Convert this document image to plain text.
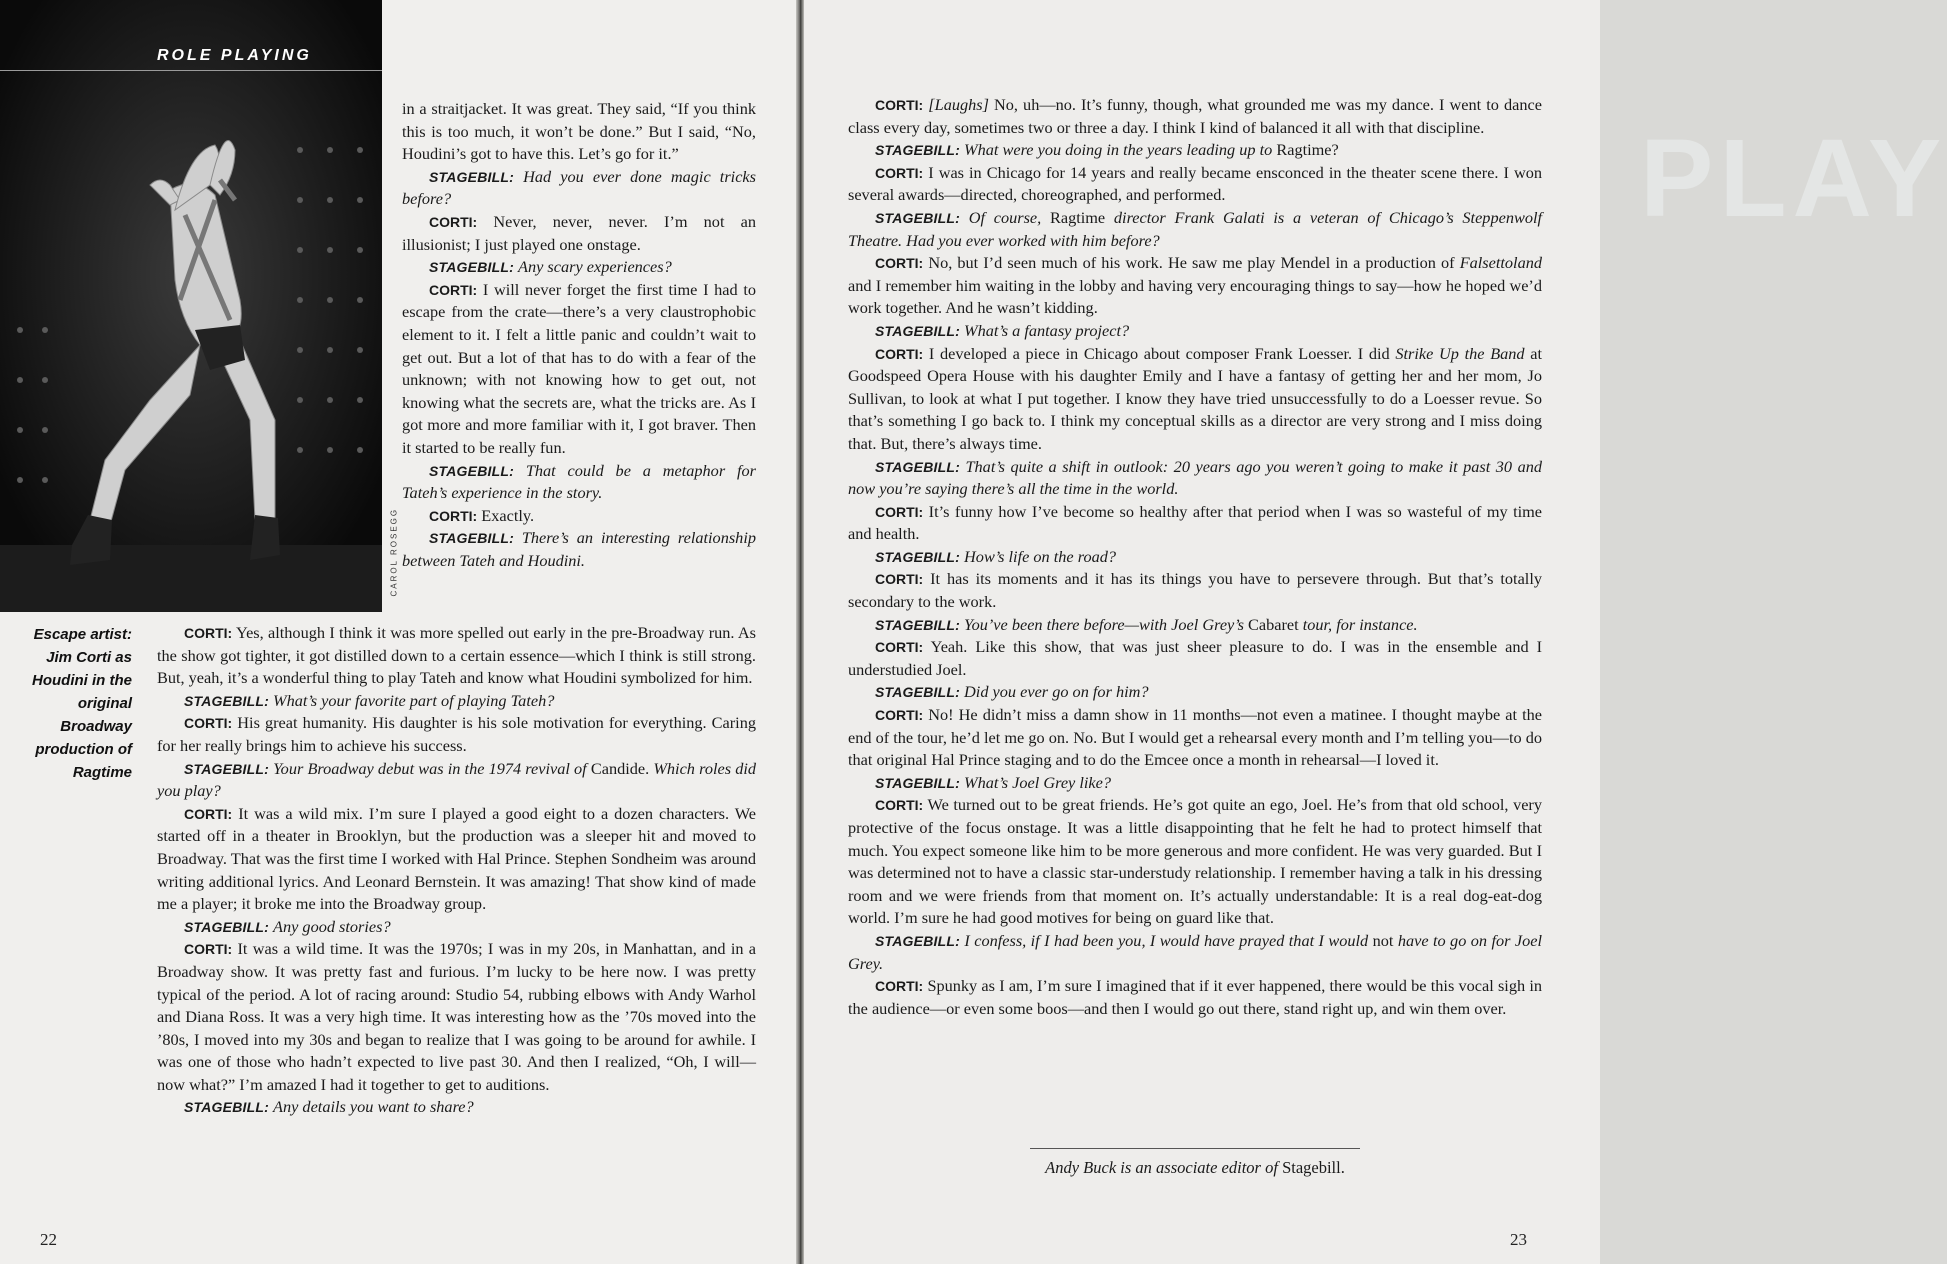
ROLE PLAYING
CAROL ROSEGG
Escape artist:
Jim Corti as
Houdini in the
original
Broadway
production of
Ragtime

in a straitjacket. It was great. They said, “If you think this is too much, it won’t be done.” But I said, “No, Houdini’s got to have this. Let’s go for it.”

STAGEBILL: Had you ever done magic tricks before?

CORTI: Never, never, never. I’m not an illusionist; I just played one onstage.

STAGEBILL: Any scary experiences?

CORTI: I will never forget the first time I had to escape from the crate—there’s a very claustrophobic element to it. I felt a little panic and couldn’t wait to get out. But a lot of that has to do with a fear of the unknown; with not knowing how to get out, not knowing what the secrets are, what the tricks are. As I got more and more familiar with it, I got braver. Then it started to be really fun.

STAGEBILL: That could be a metaphor for Tateh’s experience in the story.

CORTI: Exactly.

STAGEBILL: There’s an interesting relationship between Tateh and Houdini.

CORTI: Yes, although I think it was more spelled out early in the pre-Broadway run. As the show got tighter, it got distilled down to a certain essence—which I think is still strong. But, yeah, it’s a wonderful thing to play Tateh and know what Houdini symbolized for him.

STAGEBILL: What’s your favorite part of playing Tateh?

CORTI: His great humanity. His daughter is his sole motivation for everything. Caring for her really brings him to achieve his success.

STAGEBILL: Your Broadway debut was in the 1974 revival of Candide. Which roles did you play?

CORTI: It was a wild mix. I’m sure I played a good eight to a dozen characters. We started off in a theater in Brooklyn, but the production was a sleeper hit and moved to Broadway. That was the first time I worked with Hal Prince. Stephen Sondheim was around writing additional lyrics. And Leonard Bernstein. It was amazing! That show kind of made me a player; it broke me into the Broadway group.

STAGEBILL: Any good stories?

CORTI: It was a wild time. It was the 1970s; I was in my 20s, in Manhattan, and in a Broadway show. It was pretty fast and furious. I’m lucky to be here now. I was pretty typical of the period. A lot of racing around: Studio 54, rubbing elbows with Andy Warhol and Diana Ross. It was a very high time. It was interesting how as the ’70s moved into the ’80s, I moved into my 30s and began to realize that I was going to be around for awhile. I was one of those who hadn’t expected to live past 30. And then I realized, “Oh, I will—now what?” I’m amazed I had it together to get to auditions.

STAGEBILL: Any details you want to share?

22
PLAY

CORTI: [Laughs] No, uh—no. It’s funny, though, what grounded me was my dance. I went to dance class every day, sometimes two or three a day. I think I kind of balanced it all with that discipline.

STAGEBILL: What were you doing in the years leading up to Ragtime?

CORTI: I was in Chicago for 14 years and really became ensconced in the theater scene there. I won several awards—directed, choreographed, and performed.

STAGEBILL: Of course, Ragtime director Frank Galati is a veteran of Chicago’s Steppenwolf Theatre. Had you ever worked with him before?

CORTI: No, but I’d seen much of his work. He saw me play Mendel in a production of Falsettoland and I remember him waiting in the lobby and having very encouraging things to say—how he hoped we’d work together. And he wasn’t kidding.

STAGEBILL: What’s a fantasy project?

CORTI: I developed a piece in Chicago about composer Frank Loesser. I did Strike Up the Band at Goodspeed Opera House with his daughter Emily and I have a fantasy of getting her and her mom, Jo Sullivan, to look at what I put together. I know they have tried unsuccessfully to do a Loesser revue. So that’s something I go back to. I think my conceptual skills as a director are very strong and I miss doing that. But, there’s always time.

STAGEBILL: That’s quite a shift in outlook: 20 years ago you weren’t going to make it past 30 and now you’re saying there’s all the time in the world.

CORTI: It’s funny how I’ve become so healthy after that period when I was so wasteful of my time and health.

STAGEBILL: How’s life on the road?

CORTI: It has its moments and it has its things you have to persevere through. But that’s totally secondary to the work.

STAGEBILL: You’ve been there before—with Joel Grey’s Cabaret tour, for instance.

CORTI: Yeah. Like this show, that was just sheer pleasure to do. I was in the ensemble and I understudied Joel.

STAGEBILL: Did you ever go on for him?

CORTI: No! He didn’t miss a damn show in 11 months—not even a matinee. I thought maybe at the end of the tour, he’d let me go on. No. But I would get a rehearsal every month and I’m telling you—to do that original Hal Prince staging and to do the Emcee once a month in rehearsal—I loved it.

STAGEBILL: What’s Joel Grey like?

CORTI: We turned out to be great friends. He’s got quite an ego, Joel. He’s from that old school, very protective of the focus onstage. It was a little disappointing that he felt he had to protect himself that much. You expect someone like him to be more generous and more confident. He was very guarded. But I was determined not to have a classic star-understudy relationship. I remember having a talk in his dressing room and we were friends from that moment on. It’s actually understandable: It is a real dog-eat-dog world. I’m sure he had good motives for being on guard like that.

STAGEBILL: I confess, if I had been you, I would have prayed that I would not have to go on for Joel Grey.

CORTI: Spunky as I am, I’m sure I imagined that if it ever happened, there would be this vocal sigh in the audience—or even some boos—and then I would go out there, stand right up, and win them over.

Andy Buck is an associate editor of Stagebill.
23
